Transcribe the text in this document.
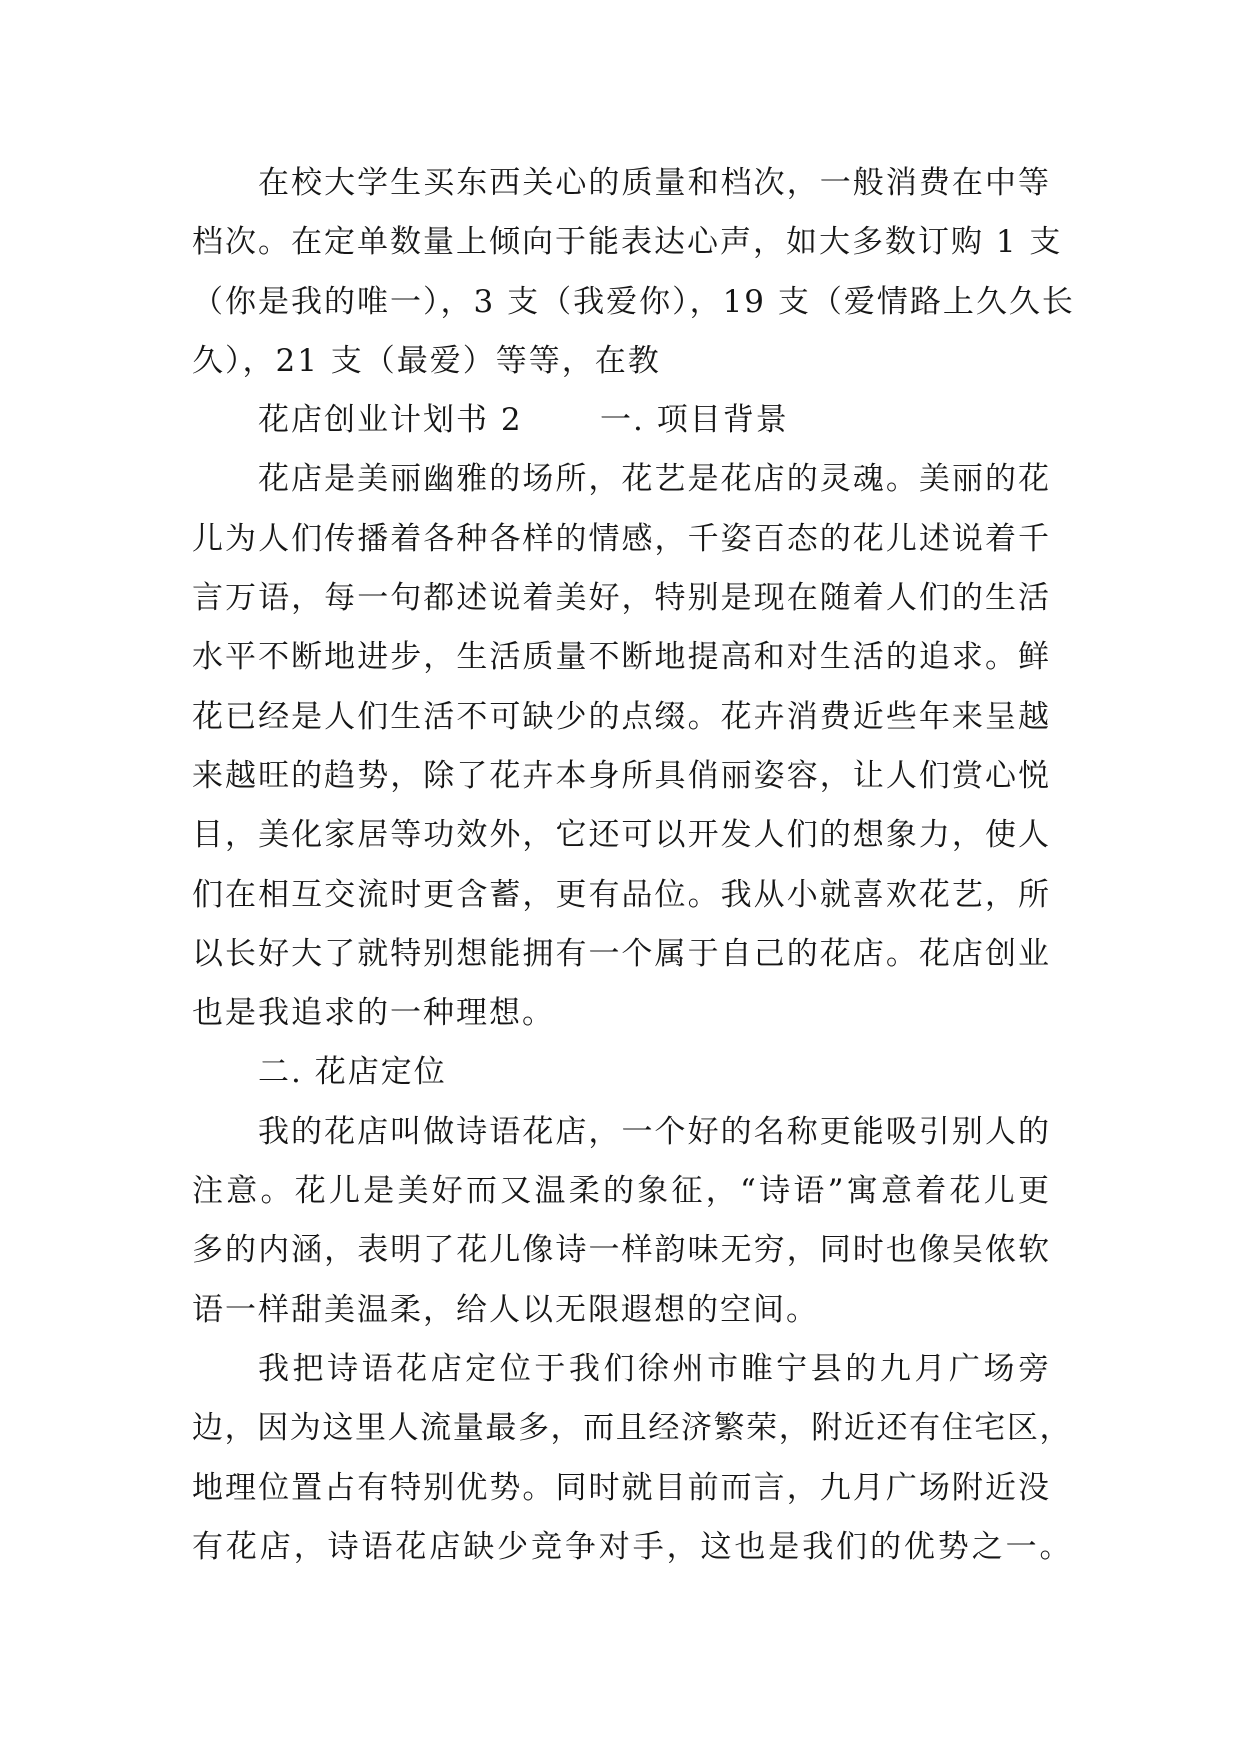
在校大学生买东西关心的质量和档次，一般消费在中等
档次。在定单数量上倾向于能表达心声，如大多数订购 1 支
（你是我的唯一），3 支（我爱你），19 支（爱情路上久久长
久），21 支（最爱）等等，在教
花店创业计划书 2 一. 项目背景
花店是美丽幽雅的场所，花艺是花店的灵魂。美丽的花
儿为人们传播着各种各样的情感，千姿百态的花儿述说着千
言万语，每一句都述说着美好，特别是现在随着人们的生活
水平不断地进步，生活质量不断地提高和对生活的追求。鲜
花已经是人们生活不可缺少的点缀。花卉消费近些年来呈越
来越旺的趋势，除了花卉本身所具俏丽姿容，让人们赏心悦
目，美化家居等功效外，它还可以开发人们的想象力，使人
们在相互交流时更含蓄，更有品位。我从小就喜欢花艺，所
以长好大了就特别想能拥有一个属于自己的花店。花店创业
也是我追求的一种理想。
二. 花店定位
我的花店叫做诗语花店，一个好的名称更能吸引别人的
注意。花儿是美好而又温柔的象征，“诗语”寓意着花儿更
多的内涵，表明了花儿像诗一样韵味无穷，同时也像吴侬软
语一样甜美温柔，给人以无限遐想的空间。
我把诗语花店定位于我们徐州市睢宁县的九月广场旁
边，因为这里人流量最多，而且经济繁荣，附近还有住宅区，
地理位置占有特别优势。同时就目前而言，九月广场附近没
有花店，诗语花店缺少竞争对手，这也是我们的优势之一。
